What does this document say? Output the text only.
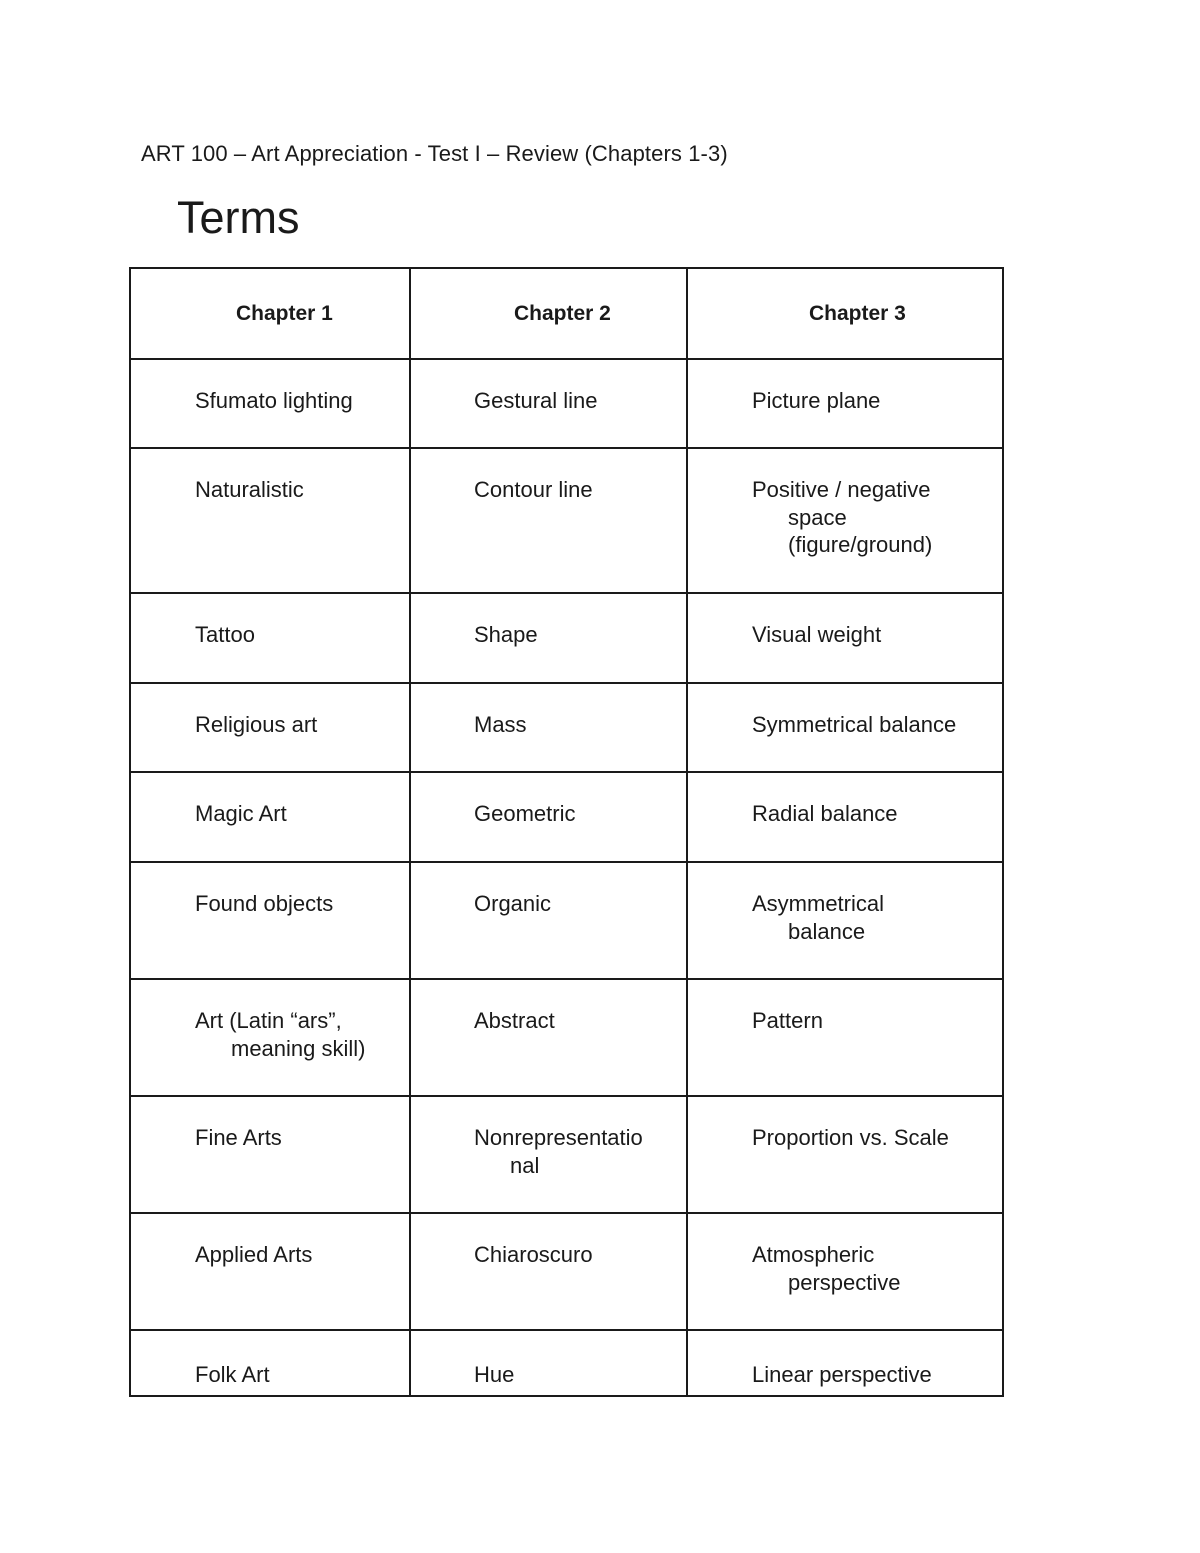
ART 100 – Art Appreciation - Test I – Review (Chapters 1-3)
Terms
Chapter 1	Chapter 2	Chapter 3

Sfumato lighting	Gestural line	Picture plane

Naturalistic	Contour line	Positive / negative
space
(figure/ground)

Tattoo	Shape	Visual weight

Religious art	Mass	Symmetrical balance

Magic Art	Geometric	Radial balance

Found objects	Organic	Asymmetrical
balance

Art (Latin “ars”,
meaning skill)	Abstract	Pattern

Fine Arts	Nonrepresentatio
nal	Proportion vs. Scale

Applied Arts	Chiaroscuro	Atmospheric
perspective

Folk Art	Hue	Linear perspective
